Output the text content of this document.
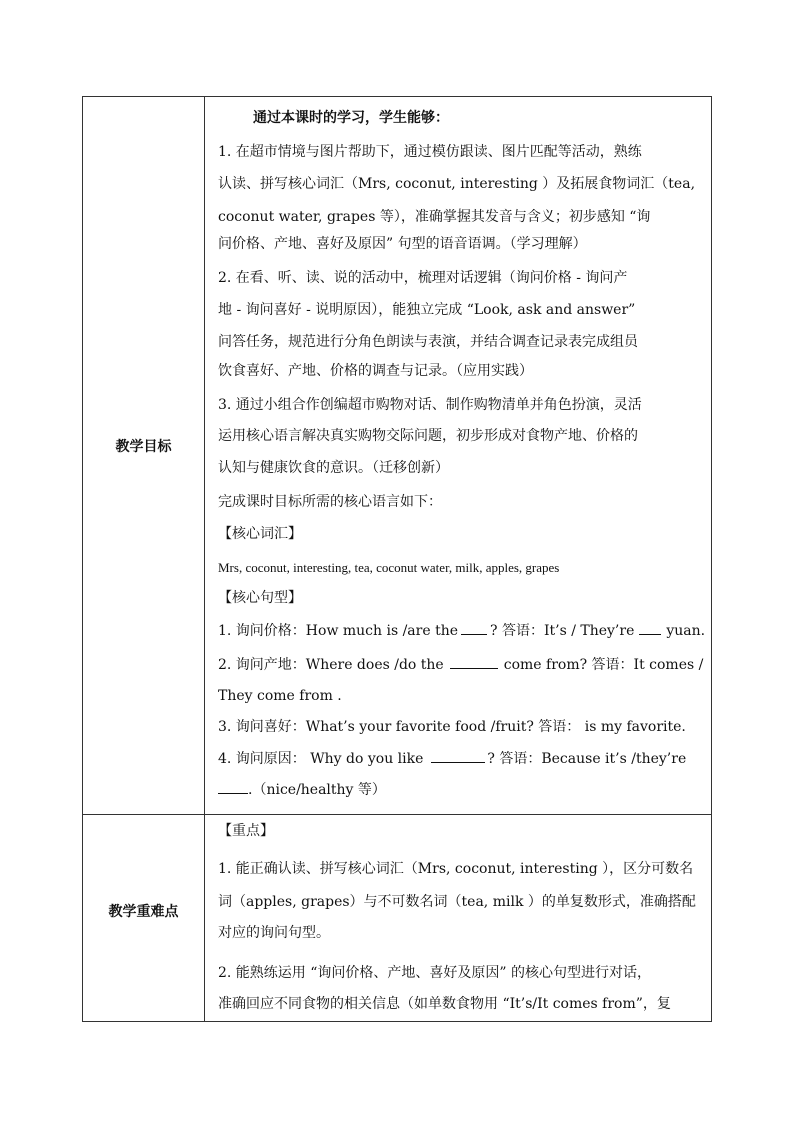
教学目标
教学重难点
通过本课时的学习，学生能够：
1. 在超市情境与图片帮助下，通过模仿跟读、图片匹配等活动，熟练
认读、拼写核心词汇（Mrs, coconut, interesting ）及拓展食物词汇（tea,
coconut water, grapes 等），准确掌握其发音与含义；初步感知 “询
问价格、产地、喜好及原因” 句型的语音语调。（学习理解）
2. 在看、听、读、说的活动中，梳理对话逻辑（询问价格 - 询问产
地 - 询问喜好 - 说明原因），能独立完成 “Look, ask and answer”
问答任务，规范进行分角色朗读与表演，并结合调查记录表完成组员
饮食喜好、产地、价格的调查与记录。（应用实践）
3. 通过小组合作创编超市购物对话、制作购物清单并角色扮演，灵活
运用核心语言解决真实购物交际问题，初步形成对食物产地、价格的
认知与健康饮食的意识。（迁移创新）
完成课时目标所需的核心语言如下：
【核心词汇】
Mrs, coconut, interesting, tea, coconut water, milk, apples, grapes
【核心句型】
1. 询问价格：How much is /are the ? 答语：It’s / They’re yuan.
2. 询问产地：Where does /do the	come from? 答语：It comes /
They come from .
3. 询问喜好：What’s your favorite food /fruit? 答语： is my favorite.
4. 询问原因： Why do you like	? 答语：Because it’s /they’re
.（nice/healthy 等）
【重点】
1. 能正确认读、拼写核心词汇（Mrs, coconut, interesting ），区分可数名
词（apples, grapes）与不可数名词（tea, milk ）的单复数形式，准确搭配
对应的询问句型。
2. 能熟练运用 “询问价格、产地、喜好及原因” 的核心句型进行对话，
准确回应不同食物的相关信息（如单数食物用 “It’s/It comes from”，复
